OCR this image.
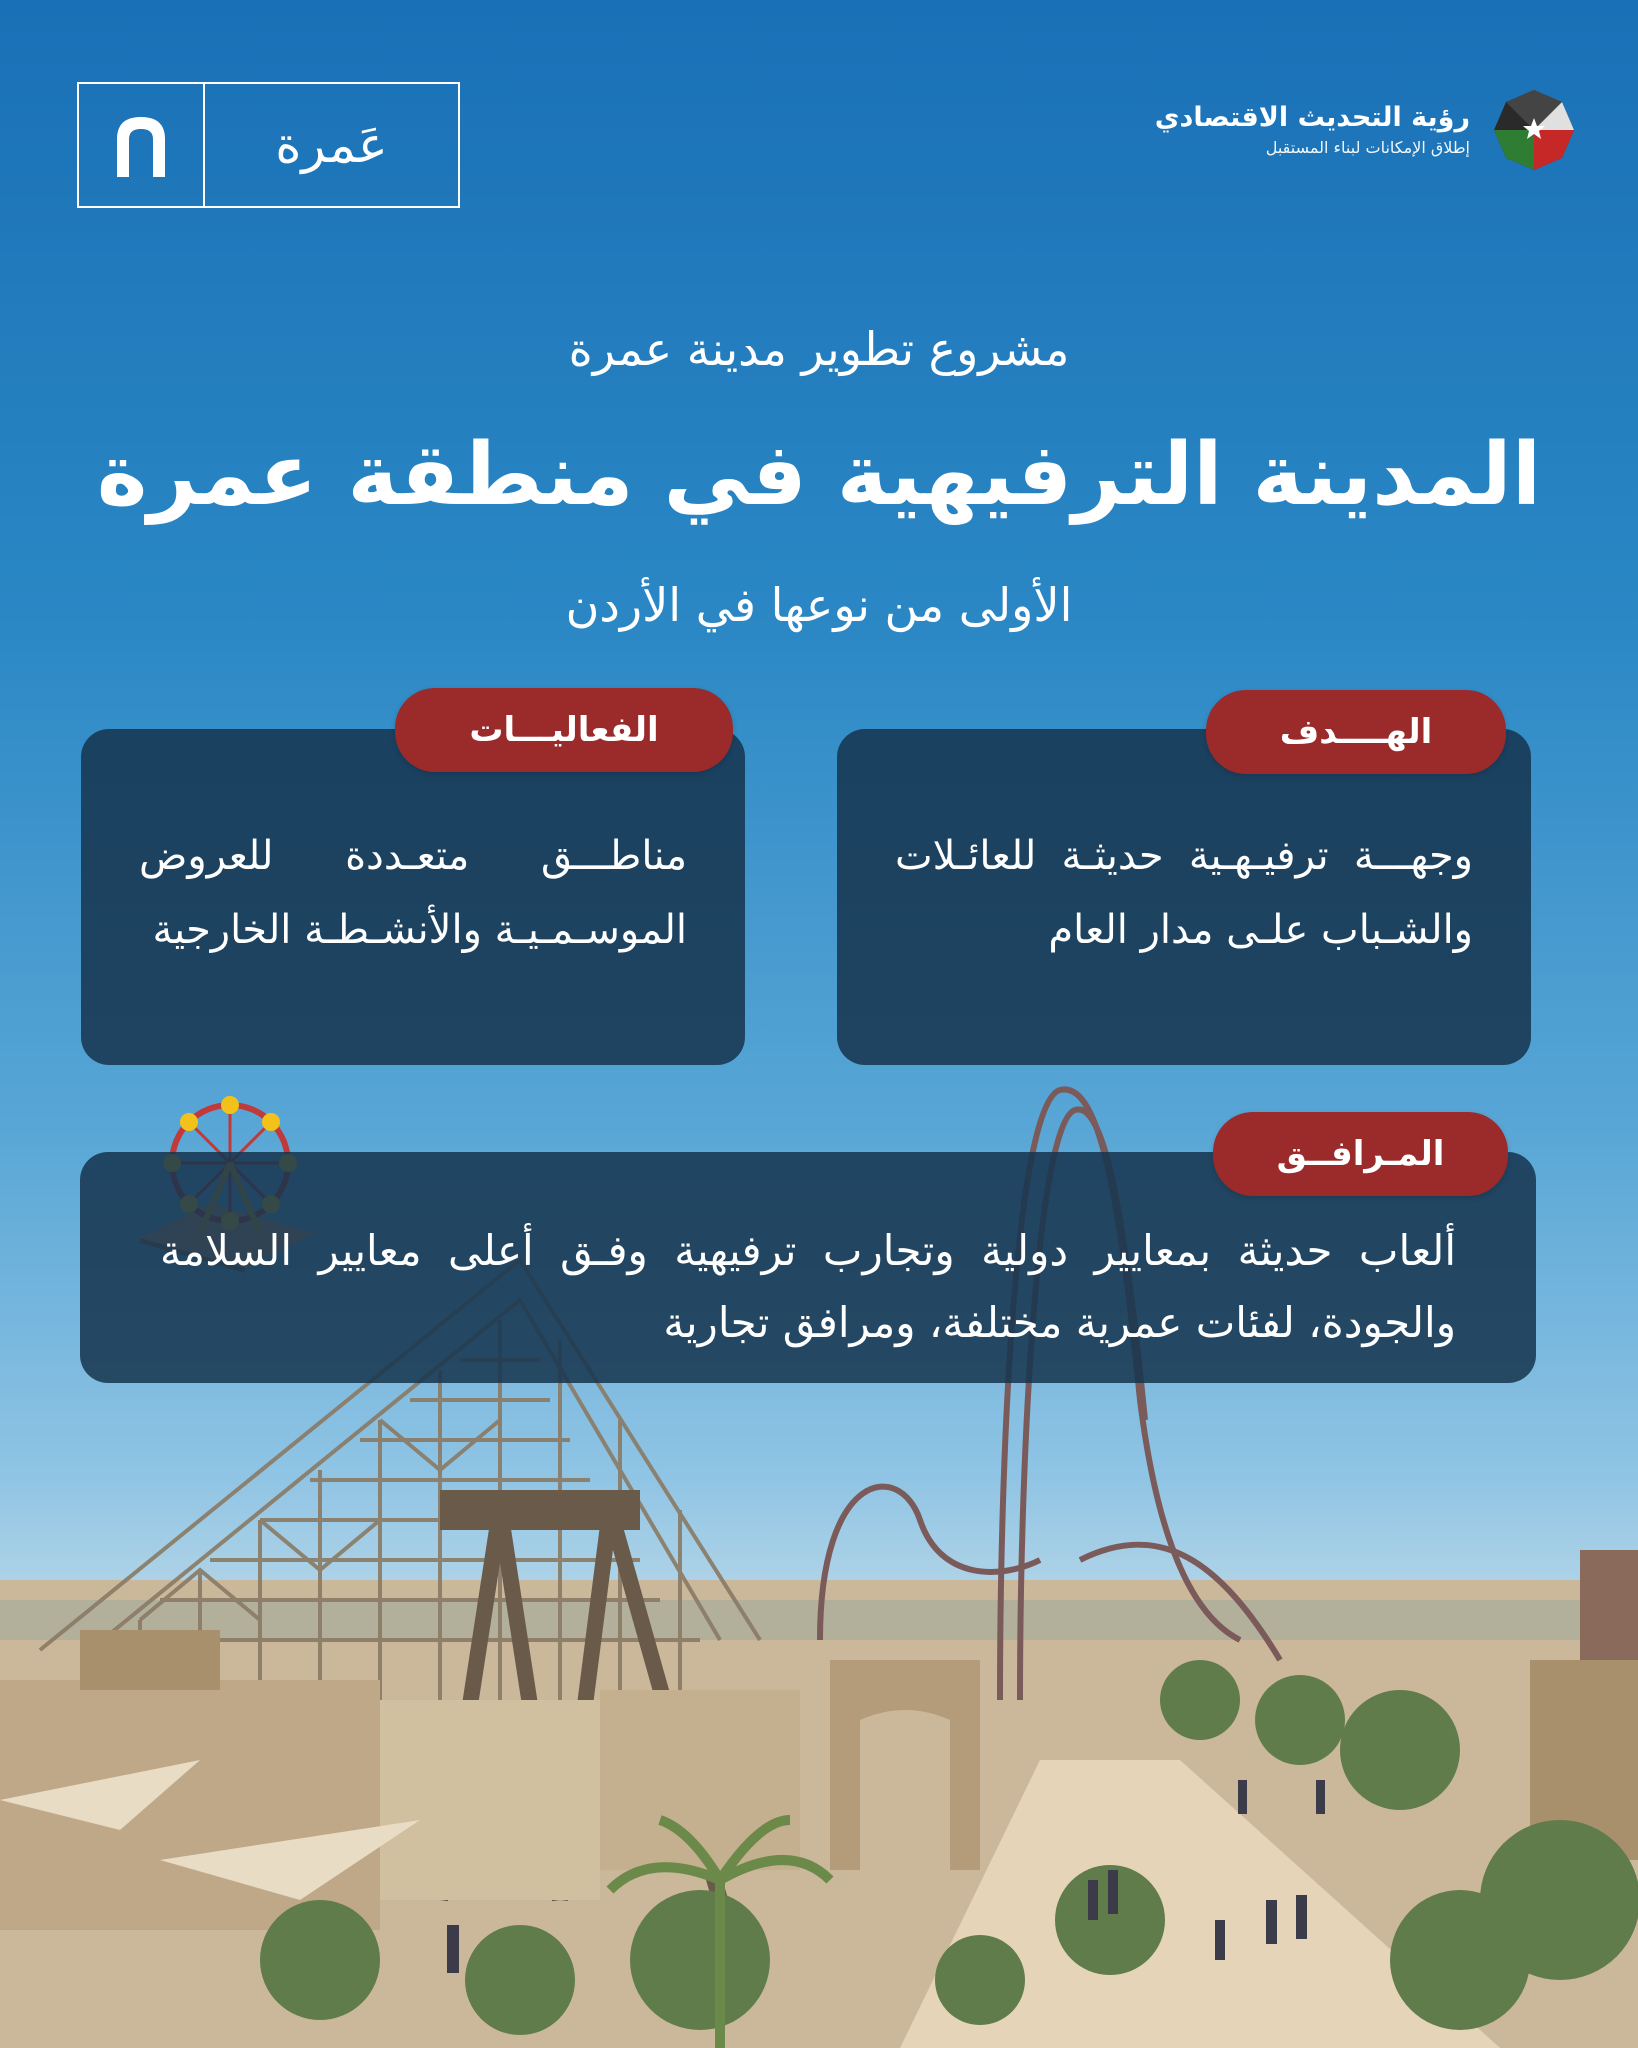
عَمرة	رؤية التحديث الاقتصادي
إطلاق الإمكانات لبناء المستقبل
مشروع تطوير مدينة عمرة
المدينة الترفيهية في منطقة عمرة
الأولى من نوعها في الأردن
وجهـــة ترفيـهـية حديثـة للعائـلات والشـباب علـى مدار العام
الهــــدف
مناطـــق متعـددة للعروض الموسـمـيـة والأنشـطـة الخارجية
الفعاليـــات
ألعاب حديثة بمعايير دولية وتجارب ترفيهية وفـق أعلى معايير السلامة والجودة، لفئات عمرية مختلفة، ومرافق تجارية
المـرافــق
